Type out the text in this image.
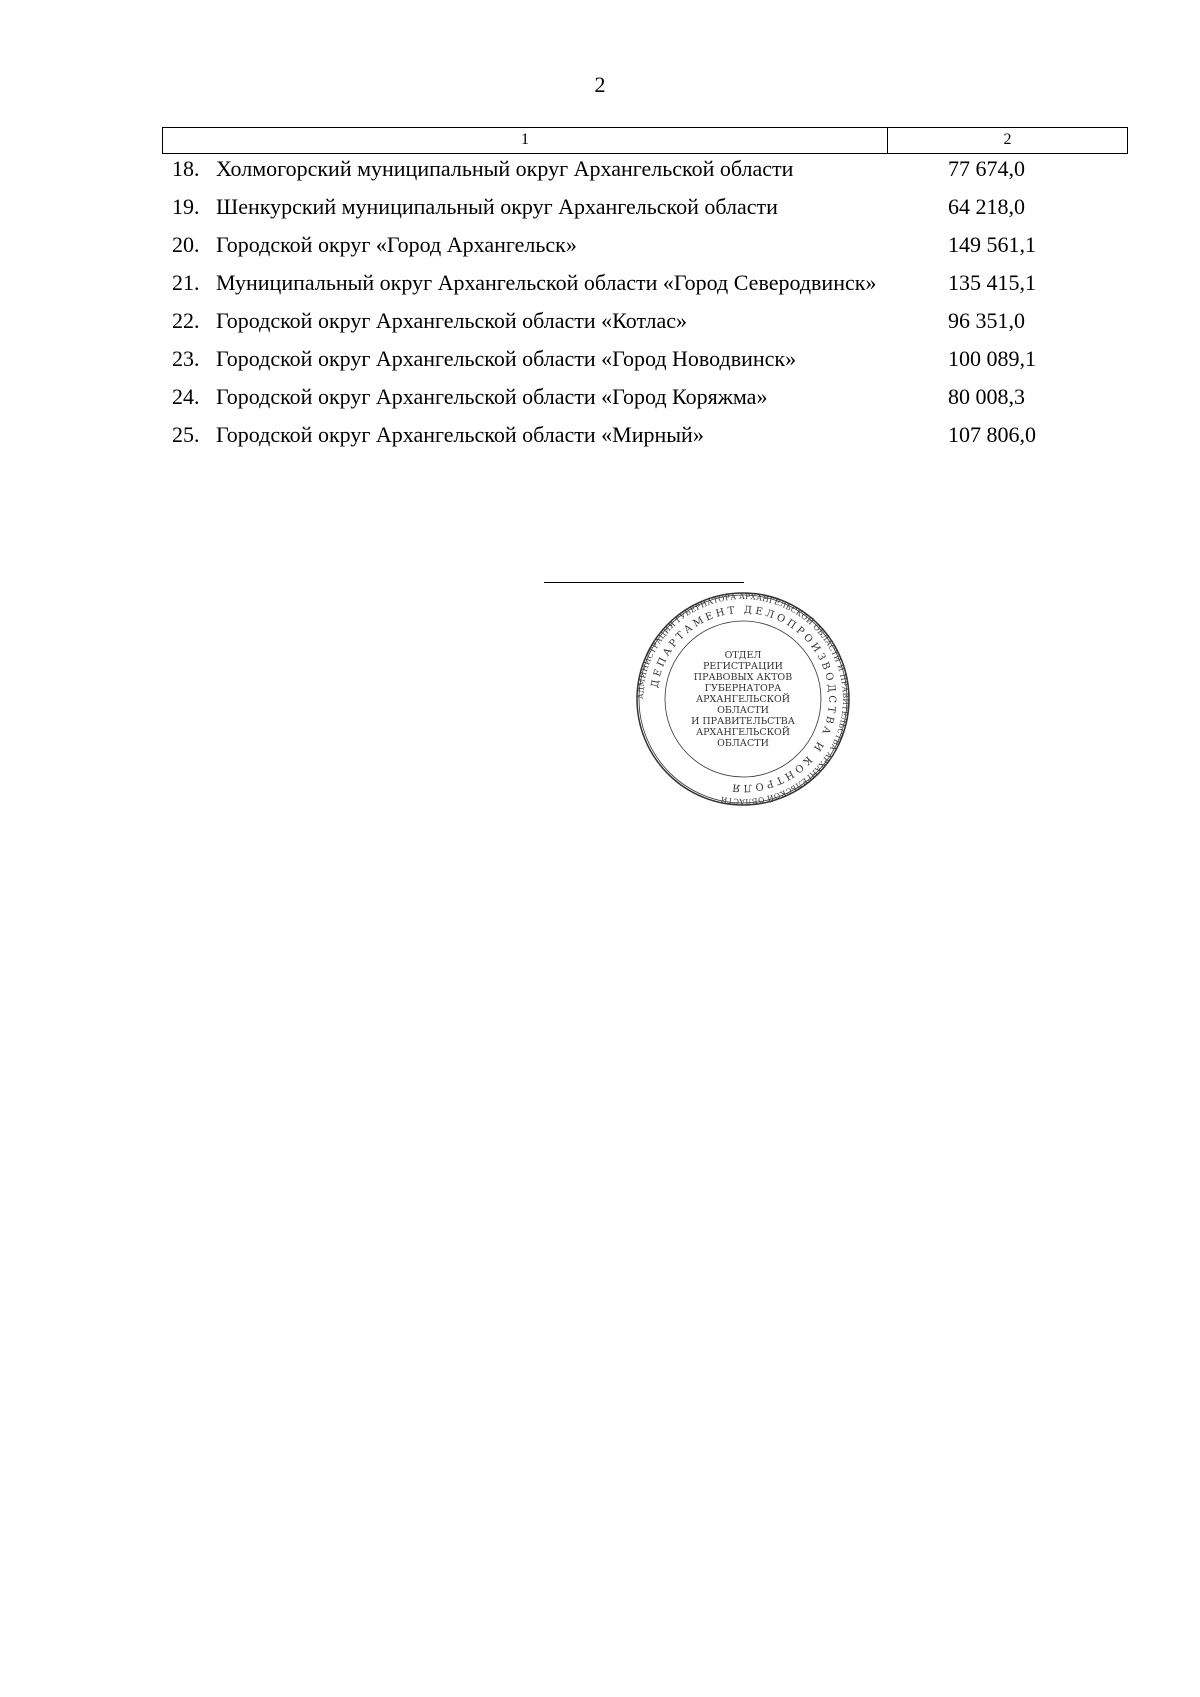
2
1	2
18. Холмогорский муниципальный округ Архангельской области	77 674,0
19. Шенкурский муниципальный округ Архангельской области	64 218,0
20. Городской округ «Город Архангельск»	149 561,1
21. Муниципальный округ Архангельской области «Город Северодвинск»	135 415,1
22. Городской округ Архангельской области «Котлас»	96 351,0
23. Городской округ Архангельской области «Город Новодвинск»	100 089,1
24. Городской округ Архангельской области «Город Коряжма»	80 008,3
25. Городской округ Архангельской области «Мирный»	107 806,0
АДМИНИСТРАЦИЯ ГУБЕРНАТОРА АРХАНГЕЛЬСКОЙ ОБЛАСТИ И ПРАВИТЕЛЬСТВА АРХАНГЕЛЬСКОЙ ОБЛАСТИ
ДЕПАРТАМЕНТ ДЕЛОПРОИЗВОДСТВА И КОНТРОЛЯ
ОТДЕЛ
РЕГИСТРАЦИИ
ПРАВОВЫХ АКТОВ
ГУБЕРНАТОРА
АРХАНГЕЛЬСКОЙ
ОБЛАСТИ
И ПРАВИТЕЛЬСТВА
АРХАНГЕЛЬСКОЙ
ОБЛАСТИ
